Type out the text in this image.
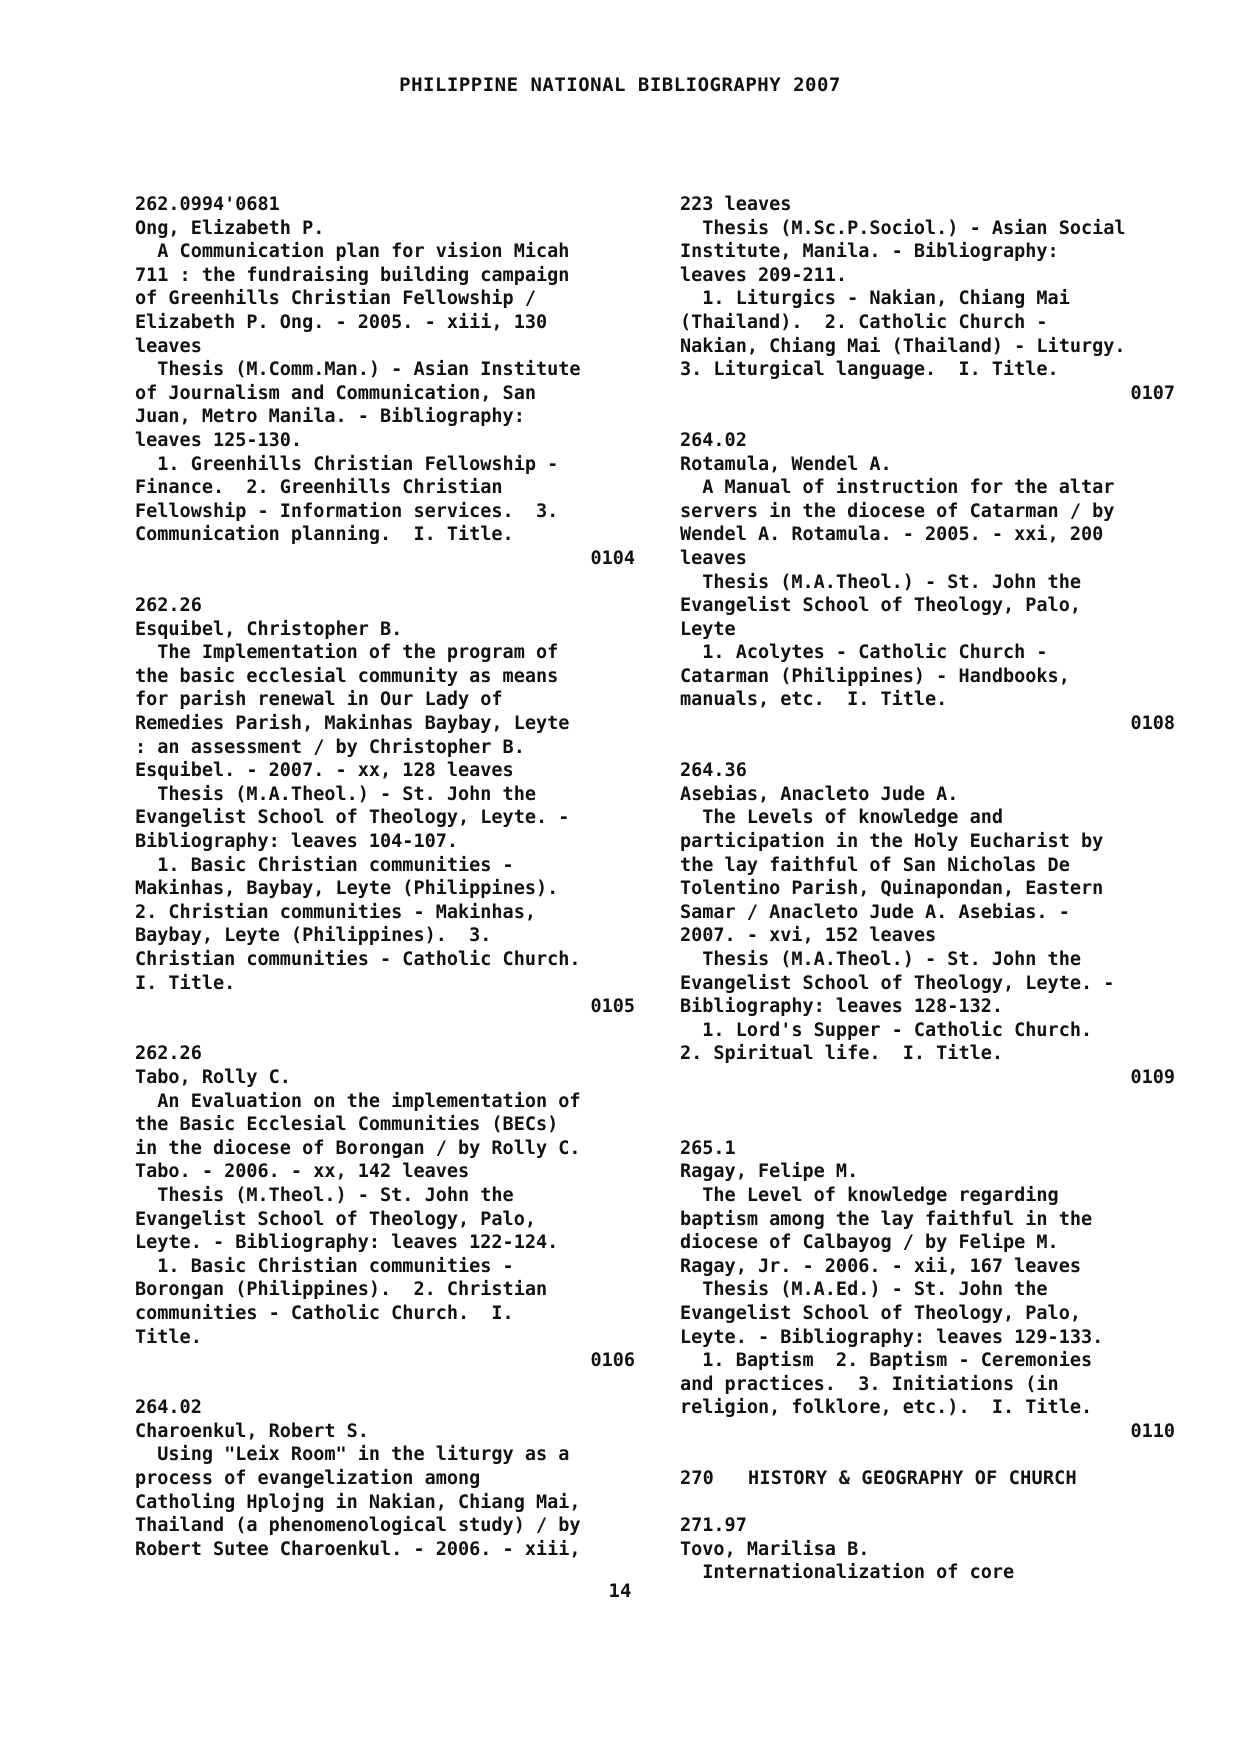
PHILIPPINE NATIONAL BIBLIOGRAPHY 2007
262.0994'0681
Ong, Elizabeth P.
A Communication plan for vision Micah
711 : the fundraising building campaign
of Greenhills Christian Fellowship /
Elizabeth P. Ong. - 2005. - xiii, 130
leaves
Thesis (M.Comm.Man.) - Asian Institute
of Journalism and Communication, San
Juan, Metro Manila. - Bibliography:
leaves 125-130.
1. Greenhills Christian Fellowship -
Finance.  2. Greenhills Christian
Fellowship - Information services.  3.
Communication planning.  I. Title.
0104
262.26
Esquibel, Christopher B.
The Implementation of the program of
the basic ecclesial community as means
for parish renewal in Our Lady of
Remedies Parish, Makinhas Baybay, Leyte
: an assessment / by Christopher B.
Esquibel. - 2007. - xx, 128 leaves
Thesis (M.A.Theol.) - St. John the
Evangelist School of Theology, Leyte. -
Bibliography: leaves 104-107.
1. Basic Christian communities -
Makinhas, Baybay, Leyte (Philippines).
2. Christian communities - Makinhas,
Baybay, Leyte (Philippines).  3.
Christian communities - Catholic Church.
I. Title.
0105
262.26
Tabo, Rolly C.
An Evaluation on the implementation of
the Basic Ecclesial Communities (BECs)
in the diocese of Borongan / by Rolly C.
Tabo. - 2006. - xx, 142 leaves
Thesis (M.Theol.) - St. John the
Evangelist School of Theology, Palo,
Leyte. - Bibliography: leaves 122-124.
1. Basic Christian communities -
Borongan (Philippines).  2. Christian
communities - Catholic Church.  I.
Title.
0106
264.02
Charoenkul, Robert S.
Using "Leix Room" in the liturgy as a
process of evangelization among
Catholing Hplojng in Nakian, Chiang Mai,
Thailand (a phenomenological study) / by
Robert Sutee Charoenkul. - 2006. - xiii,
223 leaves
Thesis (M.Sc.P.Sociol.) - Asian Social
Institute, Manila. - Bibliography:
leaves 209-211.
1. Liturgics - Nakian, Chiang Mai
(Thailand).  2. Catholic Church -
Nakian, Chiang Mai (Thailand) - Liturgy.
3. Liturgical language.  I. Title.
0107
264.02
Rotamula, Wendel A.
A Manual of instruction for the altar
servers in the diocese of Catarman / by
Wendel A. Rotamula. - 2005. - xxi, 200
leaves
Thesis (M.A.Theol.) - St. John the
Evangelist School of Theology, Palo,
Leyte
1. Acolytes - Catholic Church -
Catarman (Philippines) - Handbooks,
manuals, etc.  I. Title.
0108
264.36
Asebias, Anacleto Jude A.
The Levels of knowledge and
participation in the Holy Eucharist by
the lay faithful of San Nicholas De
Tolentino Parish, Quinapondan, Eastern
Samar / Anacleto Jude A. Asebias. -
2007. - xvi, 152 leaves
Thesis (M.A.Theol.) - St. John the
Evangelist School of Theology, Leyte. -
Bibliography: leaves 128-132.
1. Lord's Supper - Catholic Church.
2. Spiritual life.  I. Title.
0109
265.1
Ragay, Felipe M.
The Level of knowledge regarding
baptism among the lay faithful in the
diocese of Calbayog / by Felipe M.
Ragay, Jr. - 2006. - xii, 167 leaves
Thesis (M.A.Ed.) - St. John the
Evangelist School of Theology, Palo,
Leyte. - Bibliography: leaves 129-133.
1. Baptism  2. Baptism - Ceremonies
and practices.  3. Initiations (in
religion, folklore, etc.).  I. Title.
0110
270   HISTORY & GEOGRAPHY OF CHURCH
271.97
Tovo, Marilisa B.
Internationalization of core
14
